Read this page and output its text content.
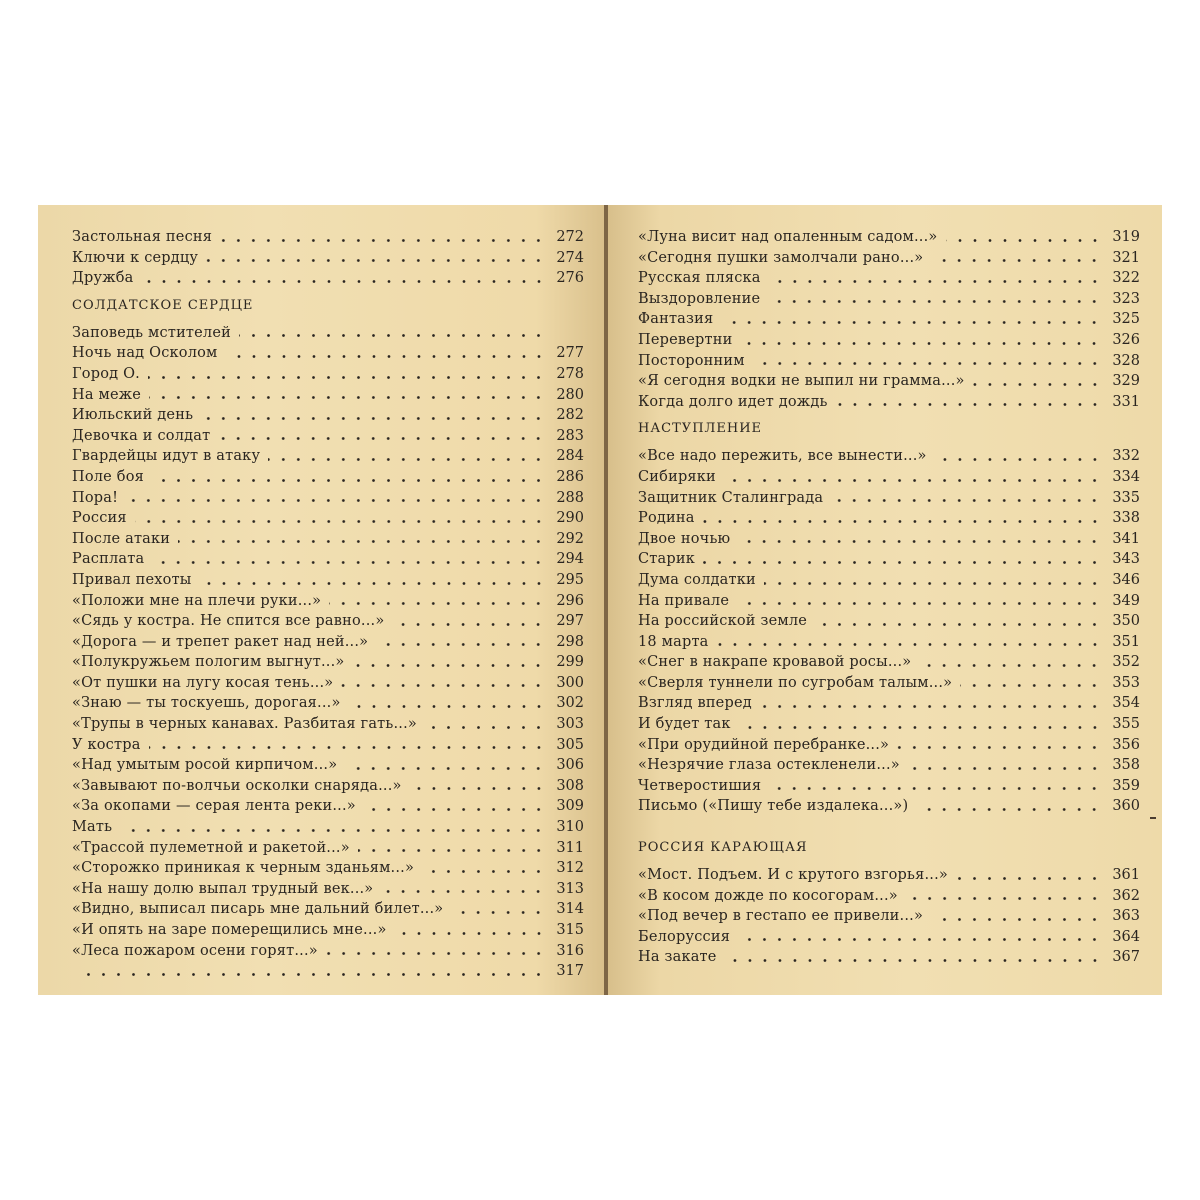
Застольная песня	272
Ключи к сердцу	274
Дружба	276
СОЛДАТСКОЕ СЕРДЦЕ
Заповедь мстителей
Ночь над Осколом	277
Город О.	278
На меже	280
Июльский день	282
Девочка и солдат	283
Гвардейцы идут в атаку	284
Поле боя	286
Пора!	288
Россия	290
После атаки	292
Расплата	294
Привал пехоты	295
«Положи мне на плечи руки...»	296
«Сядь у костра. Не спится все равно...»	297
«Дорога — и трепет ракет над ней...»	298
«Полукружьем пологим выгнут...»	299
«От пушки на лугу косая тень...»	300
«Знаю — ты тоскуешь, дорогая...»	302
«Трупы в черных канавах. Разбитая гать...»	303
У костра	305
«Над умытым росой кирпичом...»	306
«Завывают по-волчьи осколки снаряда...»	308
«За окопами — серая лента реки...»	309
Мать	310
«Трассой пулеметной и ракетой...»	311
«Сторожко приникая к черным зданьям...»	312
«На нашу долю выпал трудный век...»	313
«Видно, выписал писарь мне дальний билет...»	314
«И опять на заре померещились мне...»	315
«Леса пожаром осени горят...»	316
317
«Луна висит над опаленным садом...»	319
«Сегодня пушки замолчали рано...»	321
Русская пляска	322
Выздоровление	323
Фантазия	325
Перевертни	326
Посторонним	328
«Я сегодня водки не выпил ни грамма...»	329
Когда долго идет дождь	331
НАСТУПЛЕНИЕ
«Все надо пережить, все вынести...»	332
Сибиряки	334
Защитник Сталинграда	335
Родина	338
Двое ночью	341
Старик	343
Дума солдатки	346
На привале	349
На российской земле	350
18 марта	351
«Снег в накрапе кровавой росы...»	352
«Сверля туннели по сугробам талым...»	353
Взгляд вперед	354
И будет так	355
«При орудийной перебранке...»	356
«Незрячие глаза остекленели...»	358
Четверостишия	359
Письмо («Пишу тебе издалека...»)	360
РОССИЯ КАРАЮЩАЯ
«Мост. Подъем. И с крутого взгорья...»	361
«В косом дожде по косогорам...»	362
«Под вечер в гестапо ее привели...»	363
Белоруссия	364
На закате	367
